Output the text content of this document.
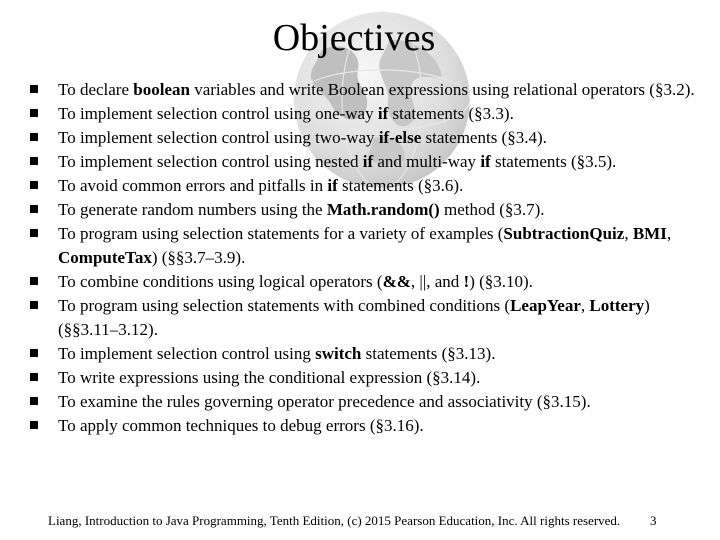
Objectives
To declare boolean variables and write Boolean expressions using relational operators (§3.2).
To implement selection control using one-way if statements (§3.3).
To implement selection control using two-way if-else statements (§3.4).
To implement selection control using nested if and multi-way if statements (§3.5).
To avoid common errors and pitfalls in if statements (§3.6).
To generate random numbers using the Math.random() method (§3.7).
To program using selection statements for a variety of examples (SubtractionQuiz, BMI, ComputeTax) (§§3.7–3.9).
To combine conditions using logical operators (&&, ||, and !) (§3.10).
To program using selection statements with combined conditions (LeapYear, Lottery) (§§3.11–3.12).
To implement selection control using switch statements (§3.13).
To write expressions using the conditional expression (§3.14).
To examine the rules governing operator precedence and associativity (§3.15).
To apply common techniques to debug errors (§3.16).
Liang, Introduction to Java Programming, Tenth Edition, (c) 2015 Pearson Education, Inc. All rights reserved.	3
